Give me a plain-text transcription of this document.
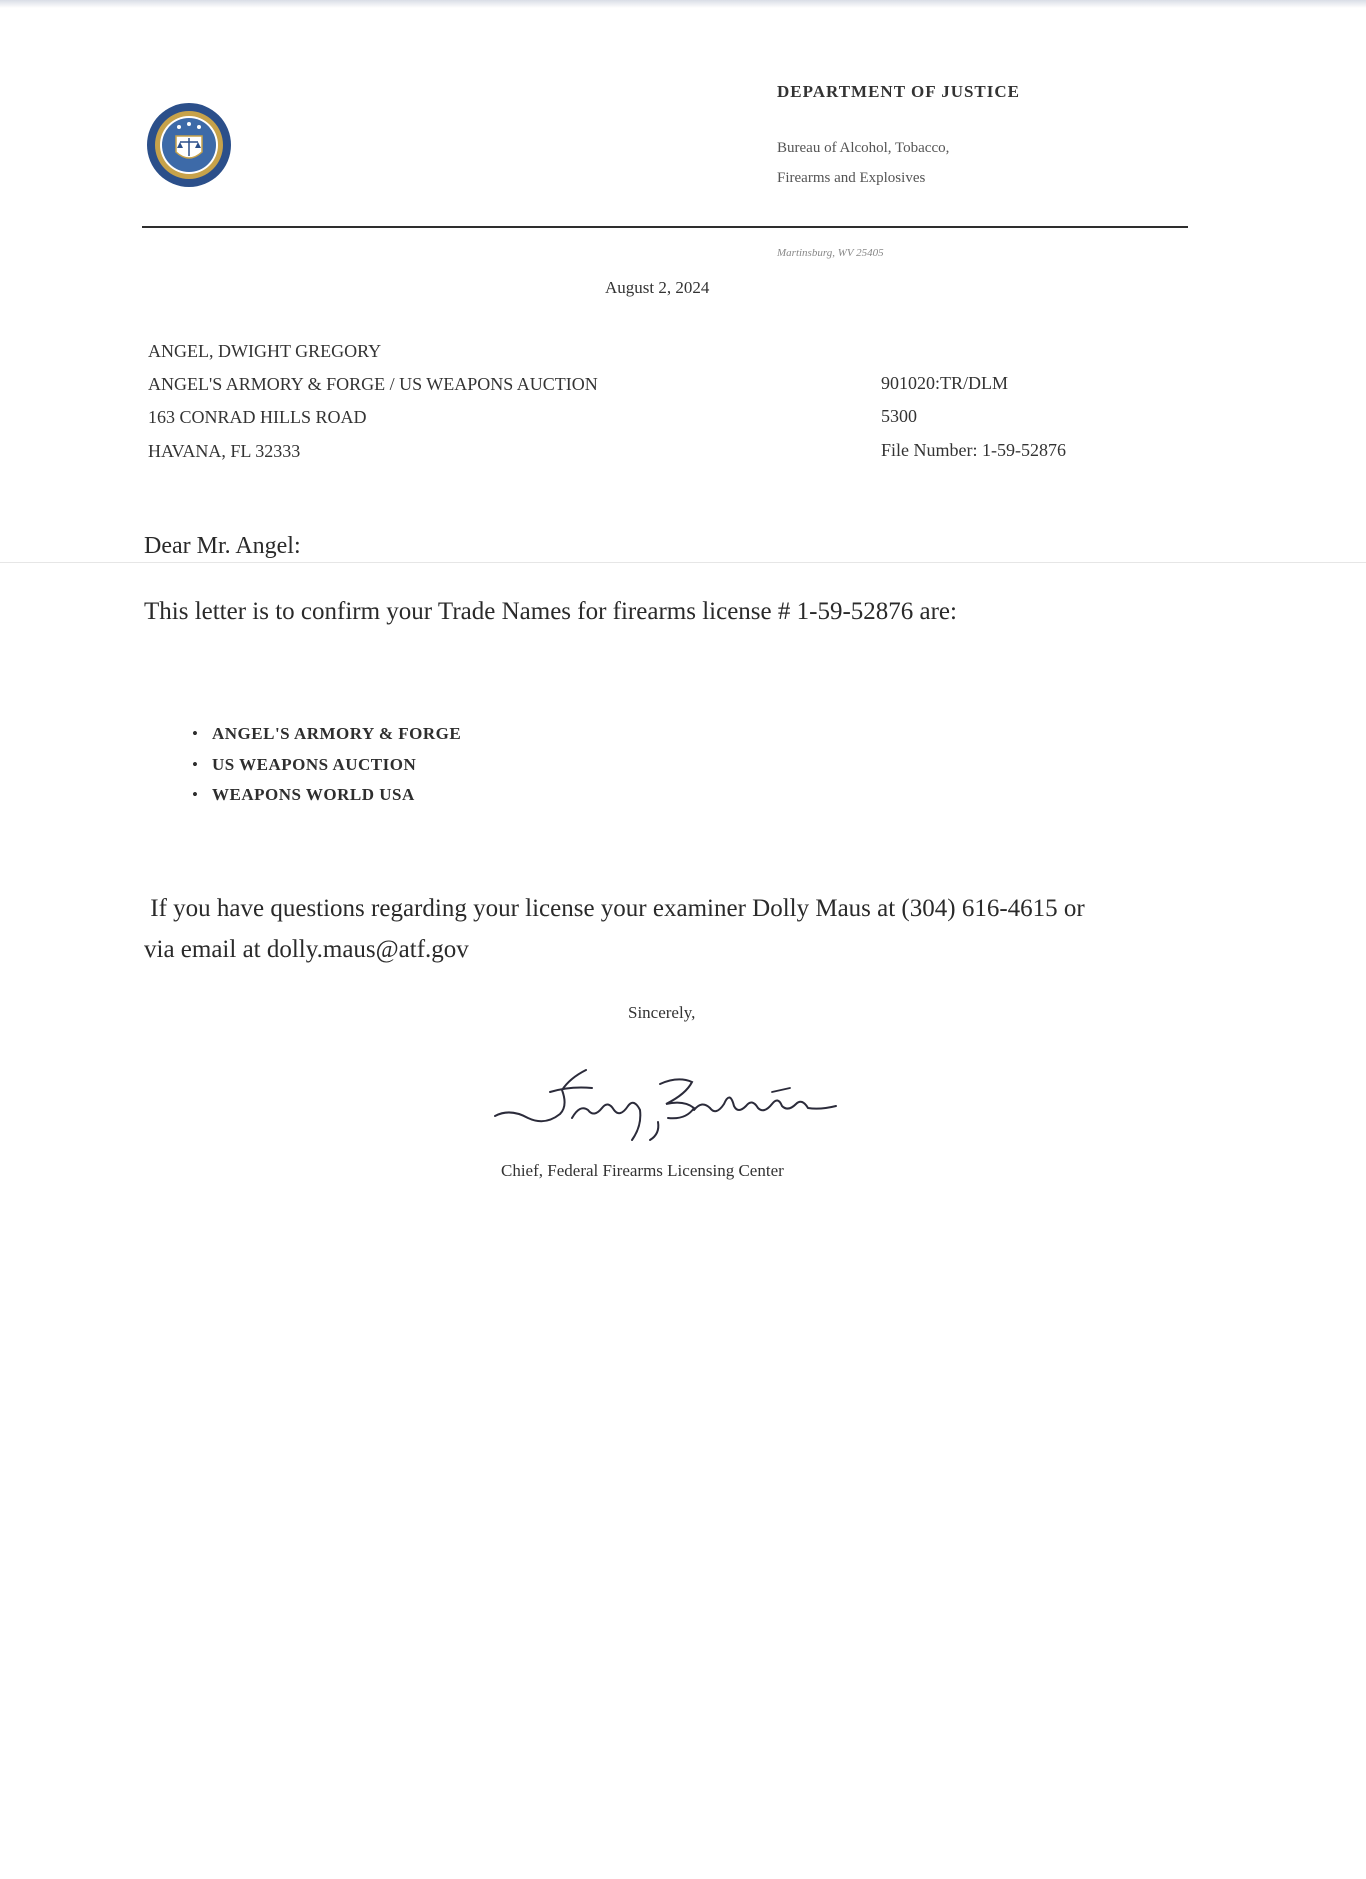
DEPARTMENT OF JUSTICE
Bureau of Alcohol, Tobacco,
Firearms and Explosives
Martinsburg, WV 25405
August 2, 2024
ANGEL, DWIGHT GREGORY
ANGEL'S ARMORY & FORGE / US WEAPONS AUCTION
163 CONRAD HILLS ROAD
HAVANA, FL 32333
901020:TR/DLM
5300
File Number: 1-59-52876
Dear Mr. Angel:
This letter is to confirm your Trade Names for firearms license # 1-59-52876 are:
• ANGEL'S ARMORY & FORGE
• US WEAPONS AUCTION
• WEAPONS WORLD USA
If you have questions regarding your license your examiner Dolly Maus at (304) 616-4615 or
via email at dolly.maus@atf.gov
Sincerely,
Chief, Federal Firearms Licensing Center
